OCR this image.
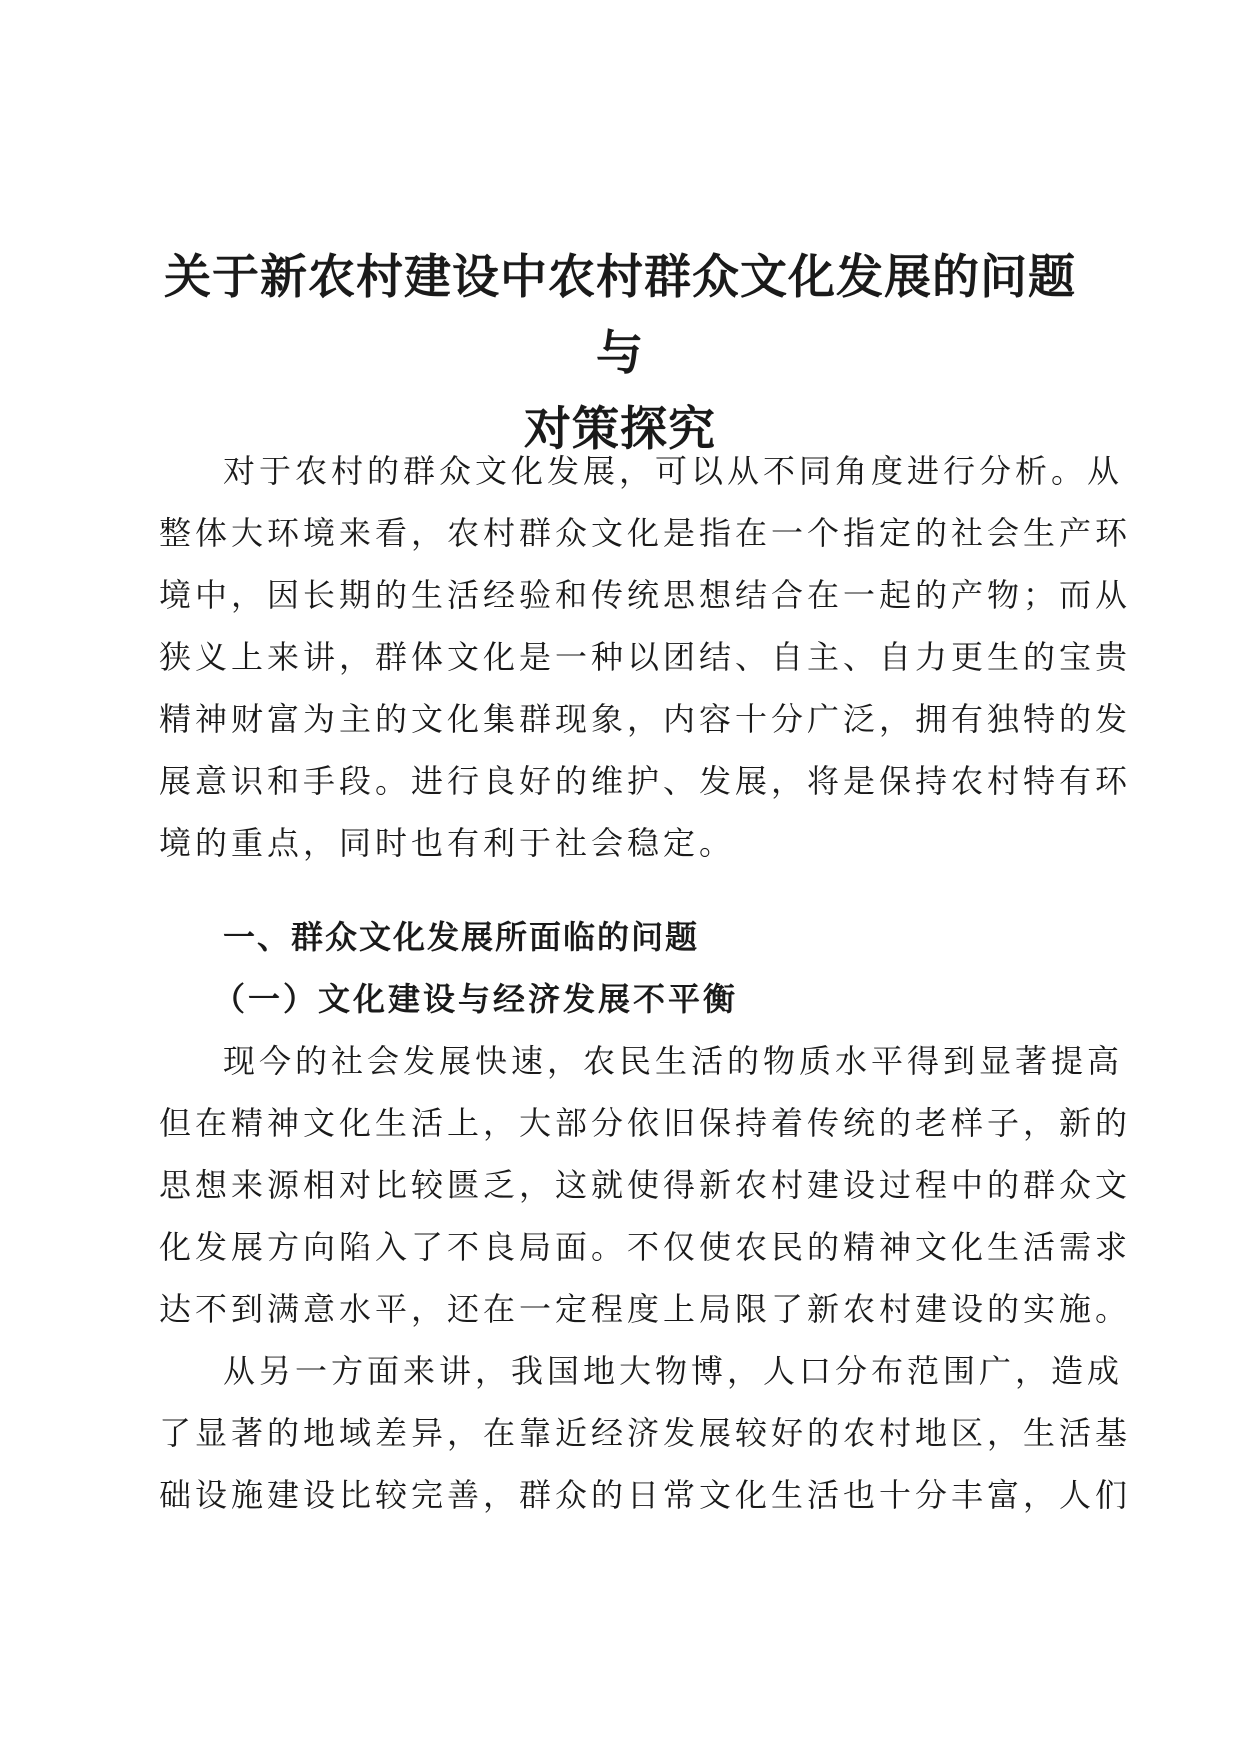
关于新农村建设中农村群众文化发展的问题与
对策探究

对于农村的群众文化发展，可以从不同角度进行分析。从
整体大环境来看，农村群众文化是指在一个指定的社会生产环
境中，因长期的生活经验和传统思想结合在一起的产物；而从
狭义上来讲，群体文化是一种以团结、自主、自力更生的宝贵
精神财富为主的文化集群现象，内容十分广泛，拥有独特的发
展意识和手段。进行良好的维护、发展，将是保持农村特有环
境的重点，同时也有利于社会稳定。

一、群众文化发展所面临的问题
（一）文化建设与经济发展不平衡

现今的社会发展快速，农民生活的物质水平得到显著提高
但在精神文化生活上，大部分依旧保持着传统的老样子，新的
思想来源相对比较匮乏，这就使得新农村建设过程中的群众文
化发展方向陷入了不良局面。不仅使农民的精神文化生活需求
达不到满意水平，还在一定程度上局限了新农村建设的实施。

从另一方面来讲，我国地大物博，人口分布范围广，造成
了显著的地域差异，在靠近经济发展较好的农村地区，生活基
础设施建设比较完善，群众的日常文化生活也十分丰富，人们
